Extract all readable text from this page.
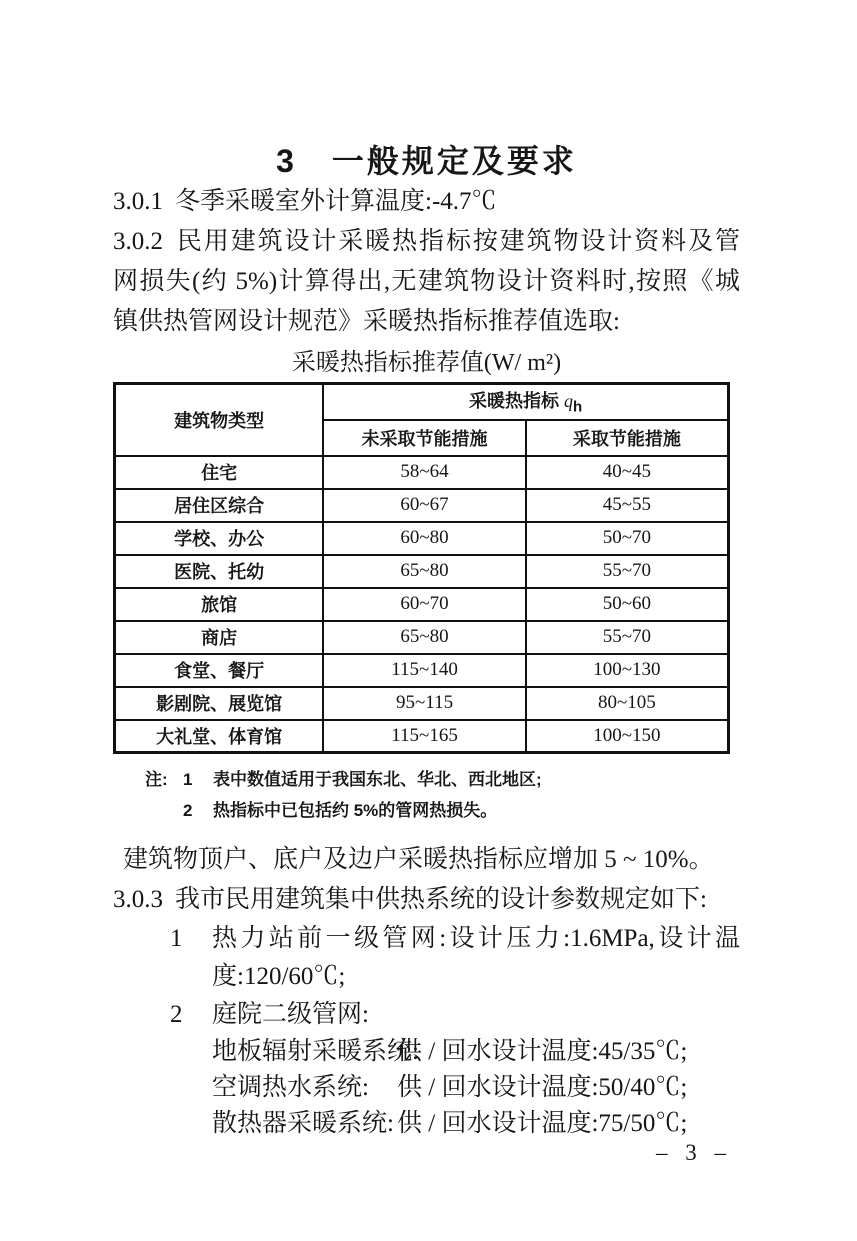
3　一般规定及要求
3.0.1 冬季采暖室外计算温度:-4.7℃
3.0.2 民用建筑设计采暖热指标按建筑物设计资料及管
网损失(约 5%)计算得出,无建筑物设计资料时,按照《城
镇供热管网设计规范》采暖热指标推荐值选取:
采暖热指标推荐值(W/ m²)
建筑物类型	采暖热指标 $q_h$
	未采取节能措施	采取节能措施
住宅	58~64	40~45
居住区综合	60~67	45~55
学校、办公	60~80	50~70
医院、托幼	65~80	55~70
旅馆	60~70	50~60
商店	65~80	55~70
食堂、餐厅	115~140	100~130
影剧院、展览馆	95~115	80~105
大礼堂、体育馆	115~165	100~150
注: 1	表中数值适用于我国东北、华北、西北地区;
2	热指标中已包括约 5%的管网热损失。
建筑物顶户、底户及边户采暖热指标应增加 5 ~ 10%。
3.0.3 我市民用建筑集中供热系统的设计参数规定如下:
1	热力站前一级管网:设计压力:1.6MPa,设计温
度:120/60℃;
2	庭院二级管网:
地板辐射采暖系统:
供 / 回水设计温度:45/35℃;
空调热水系统:	供 / 回水设计温度:50/40℃;
散热器采暖系统: 供 / 回水设计温度:75/50℃;
– 3 –
